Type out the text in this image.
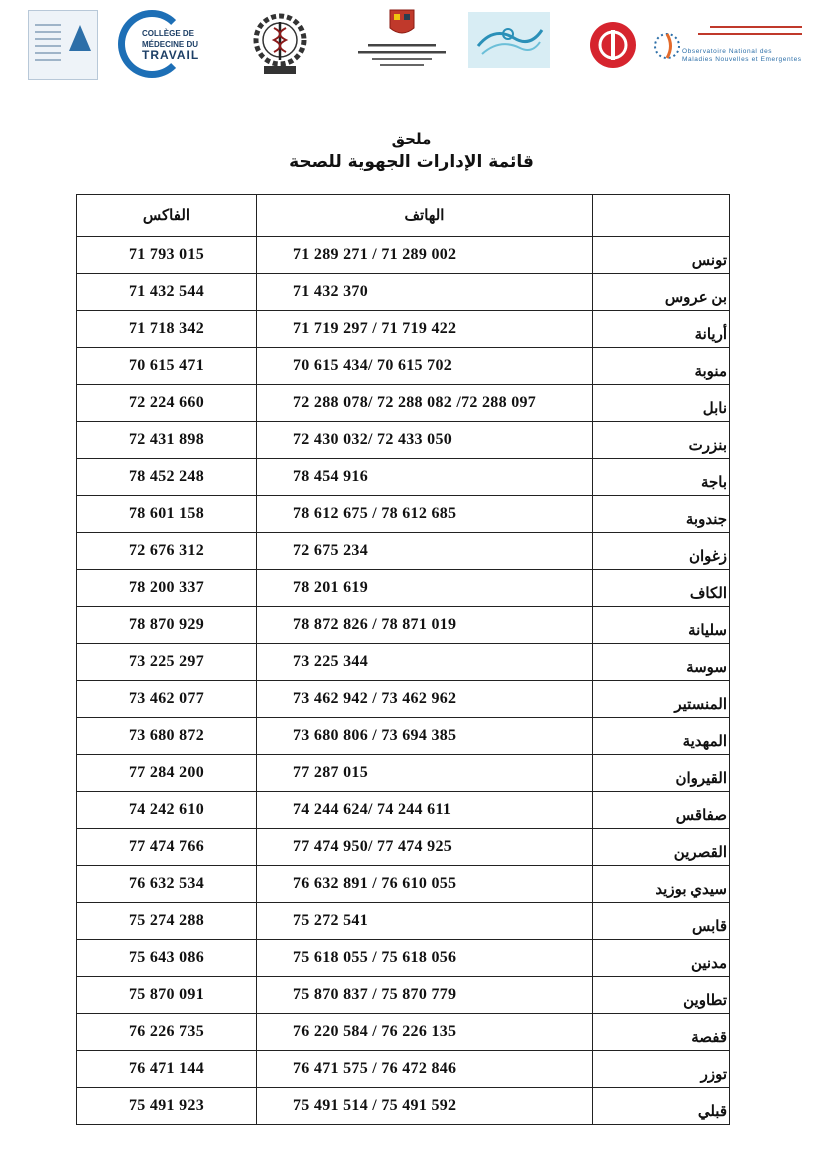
COLLÈGE DE
MÉDECINE DU
TRAVAIL	Observatoire National des
Maladies Nouvelles et Emergentes
ملحق
قائمة الإدارات الجهوية للصحة
الفاكس	الهاتف	
71 793 015	71 289 271 / 71 289 002	تونس
71 432 544	71 432 370	بن عروس
71 718 342	71 719 297 / 71 719 422	أريانة
70 615 471	70 615 434/ 70 615 702	منوبة
72 224 660	72 288 078/ 72 288 082 /72 288 097	نابل
72 431 898	72 430 032/ 72 433 050	بنزرت
78 452 248	78 454 916	باجة
78 601 158	78 612 675 / 78 612 685	جندوبة
72 676 312	72 675 234	زغوان
78 200 337	78 201 619	الكاف
78 870 929	78 872 826 / 78 871 019	سليانة
73 225 297	73 225 344	سوسة
73 462 077	73 462 942 / 73 462 962	المنستير
73 680 872	73 680 806 / 73 694 385	المهدية
77 284 200	77 287 015	القيروان
74 242 610	74 244 624/ 74 244 611	صفاقس
77 474 766	77 474 950/ 77 474 925	القصرين
76 632 534	76 632 891 / 76 610 055	سيدي بوزيد
75 274 288	75 272 541	قابس
75 643 086	75 618 055 / 75 618 056	مدنين
75 870 091	75 870 837 / 75 870 779	تطاوين
76 226 735	76 220 584 / 76 226 135	قفصة
76 471 144	76 471 575 / 76 472 846	توزر
75 491 923	75 491 514 / 75 491 592	قبلي
